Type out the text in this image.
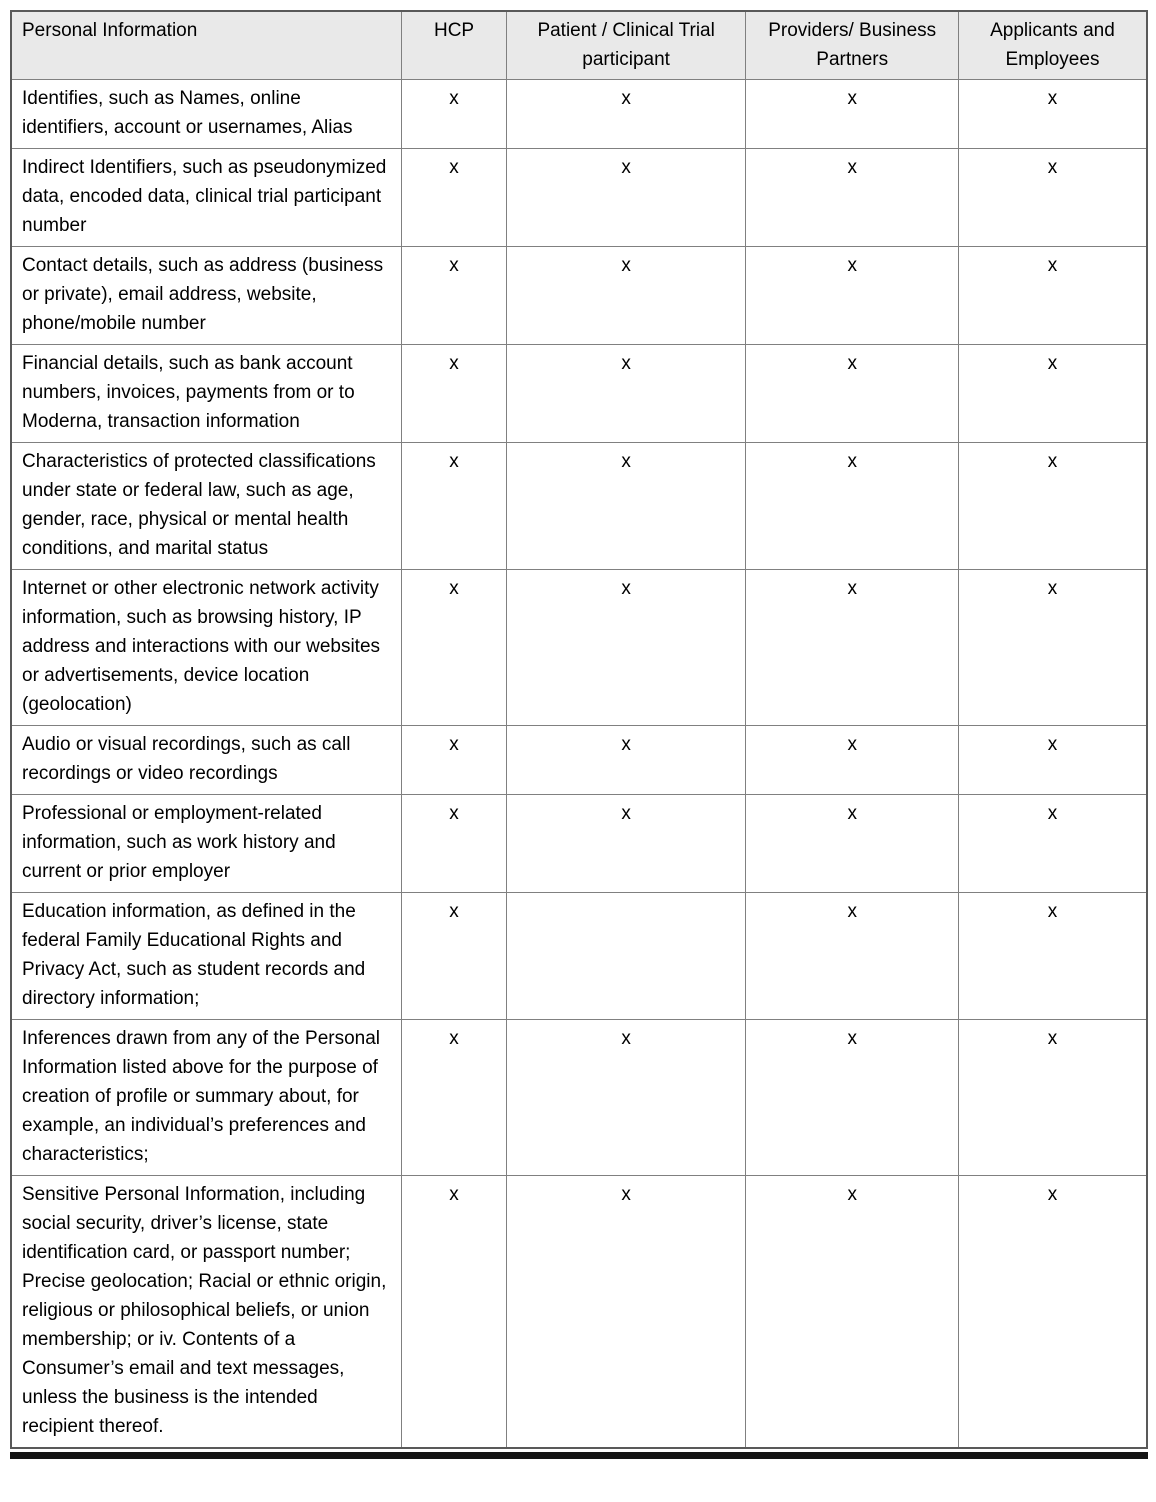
Personal Information	HCP	Patient / Clinical Trial participant	Providers/ Business Partners	Applicants and Employees
Identifies, such as Names, online identifiers, account or usernames, Alias	x	x	x	x
Indirect Identifiers, such as pseudonymized data, encoded data, clinical trial participant number	x	x	x	x
Contact details, such as address (business or private), email address, website, phone/mobile number	x	x	x	x
Financial details, such as bank account numbers, invoices, payments from or to Moderna, transaction information	x	x	x	x
Characteristics of protected classifications under state or federal law, such as age, gender, race, physical or mental health conditions, and marital status	x	x	x	x
Internet or other electronic network activity information, such as browsing history, IP address and interactions with our websites or advertisements, device location (geolocation)	x	x	x	x
Audio or visual recordings, such as call recordings or video recordings	x	x	x	x
Professional or employment-related information, such as work history and current or prior employer	x	x	x	x
Education information, as defined in the federal Family Educational Rights and Privacy Act, such as student records and directory information;	x		x	x
Inferences drawn from any of the Personal Information listed above for the purpose of creation of profile or summary about, for example, an individual’s preferences and characteristics;	x	x	x	x
Sensitive Personal Information, including social security, driver’s license, state identification card, or passport number; Precise geolocation; Racial or ethnic origin, religious or philosophical beliefs, or union membership; or iv. Contents of a Consumer’s email and text messages, unless the business is the intended recipient thereof.	x	x	x	x
